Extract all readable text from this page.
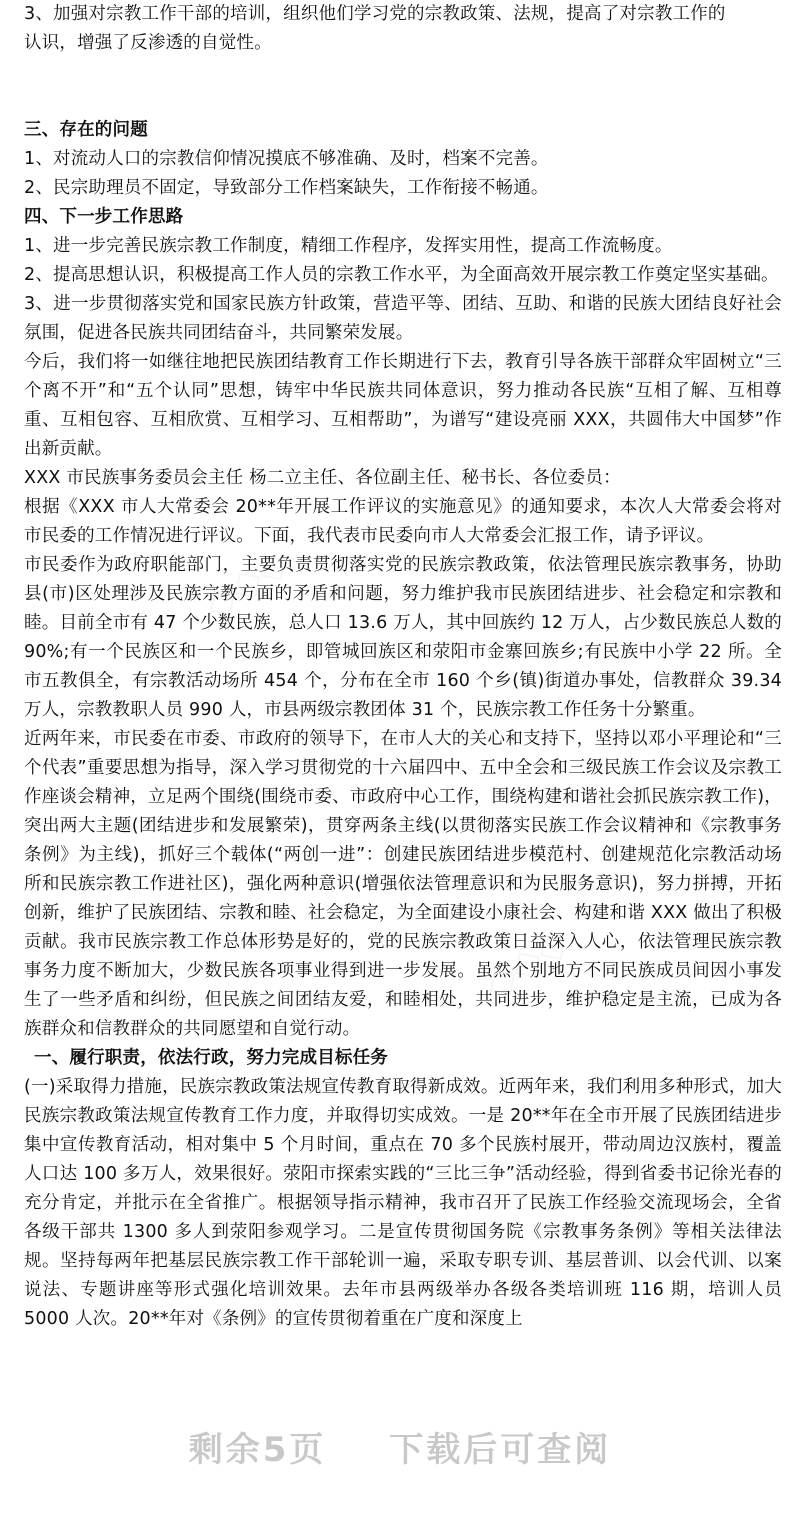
3、加强对宗教工作干部的培训，组织他们学习党的宗教政策、法规，提高了对宗教工作的

认识，增强了反渗透的自觉性。

三、存在的问题

1、对流动人口的宗教信仰情况摸底不够准确、及时，档案不完善。

2、民宗助理员不固定，导致部分工作档案缺失，工作衔接不畅通。

四、下一步工作思路

1、进一步完善民族宗教工作制度，精细工作程序，发挥实用性，提高工作流畅度。

2、提高思想认识，积极提高工作人员的宗教工作水平，为全面高效开展宗教工作奠定坚实基础。

3、进一步贯彻落实党和国家民族方针政策，营造平等、团结、互助、和谐的民族大团结良好社会氛围，促进各民族共同团结奋斗，共同繁荣发展。

今后，我们将一如继往地把民族团结教育工作长期进行下去，教育引导各族干部群众牢固树立“三个离不开”和“五个认同”思想，铸牢中华民族共同体意识，努力推动各民族“互相了解、互相尊重、互相包容、互相欣赏、互相学习、互相帮助”，为谱写“建设亮丽 XXX，共圆伟大中国梦”作出新贡献。

XXX 市民族事务委员会主任 杨二立主任、各位副主任、秘书长、各位委员：

根据《XXX 市人大常委会 20**年开展工作评议的实施意见》的通知要求，本次人大常委会将对市民委的工作情况进行评议。下面，我代表市民委向市人大常委会汇报工作，请予评议。

市民委作为政府职能部门，主要负责贯彻落实党的民族宗教政策，依法管理民族宗教事务，协助县(市)区处理涉及民族宗教方面的矛盾和问题，努力维护我市民族团结进步、社会稳定和宗教和睦。目前全市有 47 个少数民族，总人口 13.6 万人，其中回族约 12 万人，占少数民族总人数的 90%;有一个民族区和一个民族乡，即管城回族区和荥阳市金寨回族乡;有民族中小学 22 所。全市五教俱全，有宗教活动场所 454 个，分布在全市 160 个乡(镇)街道办事处，信教群众 39.34 万人，宗教教职人员 990 人，市县两级宗教团体 31 个，民族宗教工作任务十分繁重。

近两年来，市民委在市委、市政府的领导下，在市人大的关心和支持下，坚持以邓小平理论和“三个代表”重要思想为指导，深入学习贯彻党的十六届四中、五中全会和三级民族工作会议及宗教工作座谈会精神，立足两个围绕(围绕市委、市政府中心工作，围绕构建和谐社会抓民族宗教工作)，突出两大主题(团结进步和发展繁荣)，贯穿两条主线(以贯彻落实民族工作会议精神和《宗教事务条例》为主线)，抓好三个载体(“两创一进”：创建民族团结进步模范村、创建规范化宗教活动场所和民族宗教工作进社区)，强化两种意识(增强依法管理意识和为民服务意识)，努力拼搏，开拓创新，维护了民族团结、宗教和睦、社会稳定，为全面建设小康社会、构建和谐 XXX 做出了积极贡献。我市民族宗教工作总体形势是好的，党的民族宗教政策日益深入人心，依法管理民族宗教事务力度不断加大，少数民族各项事业得到进一步发展。虽然个别地方不同民族成员间因小事发生了一些矛盾和纠纷，但民族之间团结友爱，和睦相处，共同进步，维护稳定是主流，已成为各族群众和信教群众的共同愿望和自觉行动。

一、履行职责，依法行政，努力完成目标任务

(一)采取得力措施，民族宗教政策法规宣传教育取得新成效。近两年来，我们利用多种形式，加大民族宗教政策法规宣传教育工作力度，并取得切实成效。一是 20**年在全市开展了民族团结进步集中宣传教育活动，相对集中 5 个月时间，重点在 70 多个民族村展开，带动周边汉族村，覆盖人口达 100 多万人，效果很好。荥阳市探索实践的“三比三争”活动经验，得到省委书记徐光春的充分肯定，并批示在全省推广。根据领导指示精神，我市召开了民族工作经验交流现场会，全省各级干部共 1300 多人到荥阳参观学习。二是宣传贯彻国务院《宗教事务条例》等相关法律法规。坚持每两年把基层民族宗教工作干部轮训一遍，采取专职专训、基层普训、以会代训、以案说法、专题讲座等形式强化培训效果。去年市县两级举办各级各类培训班 116 期，培训人员 5000 人次。20**年对《条例》的宣传贯彻着重在广度和深度上

剩余5页 下载后可查阅
